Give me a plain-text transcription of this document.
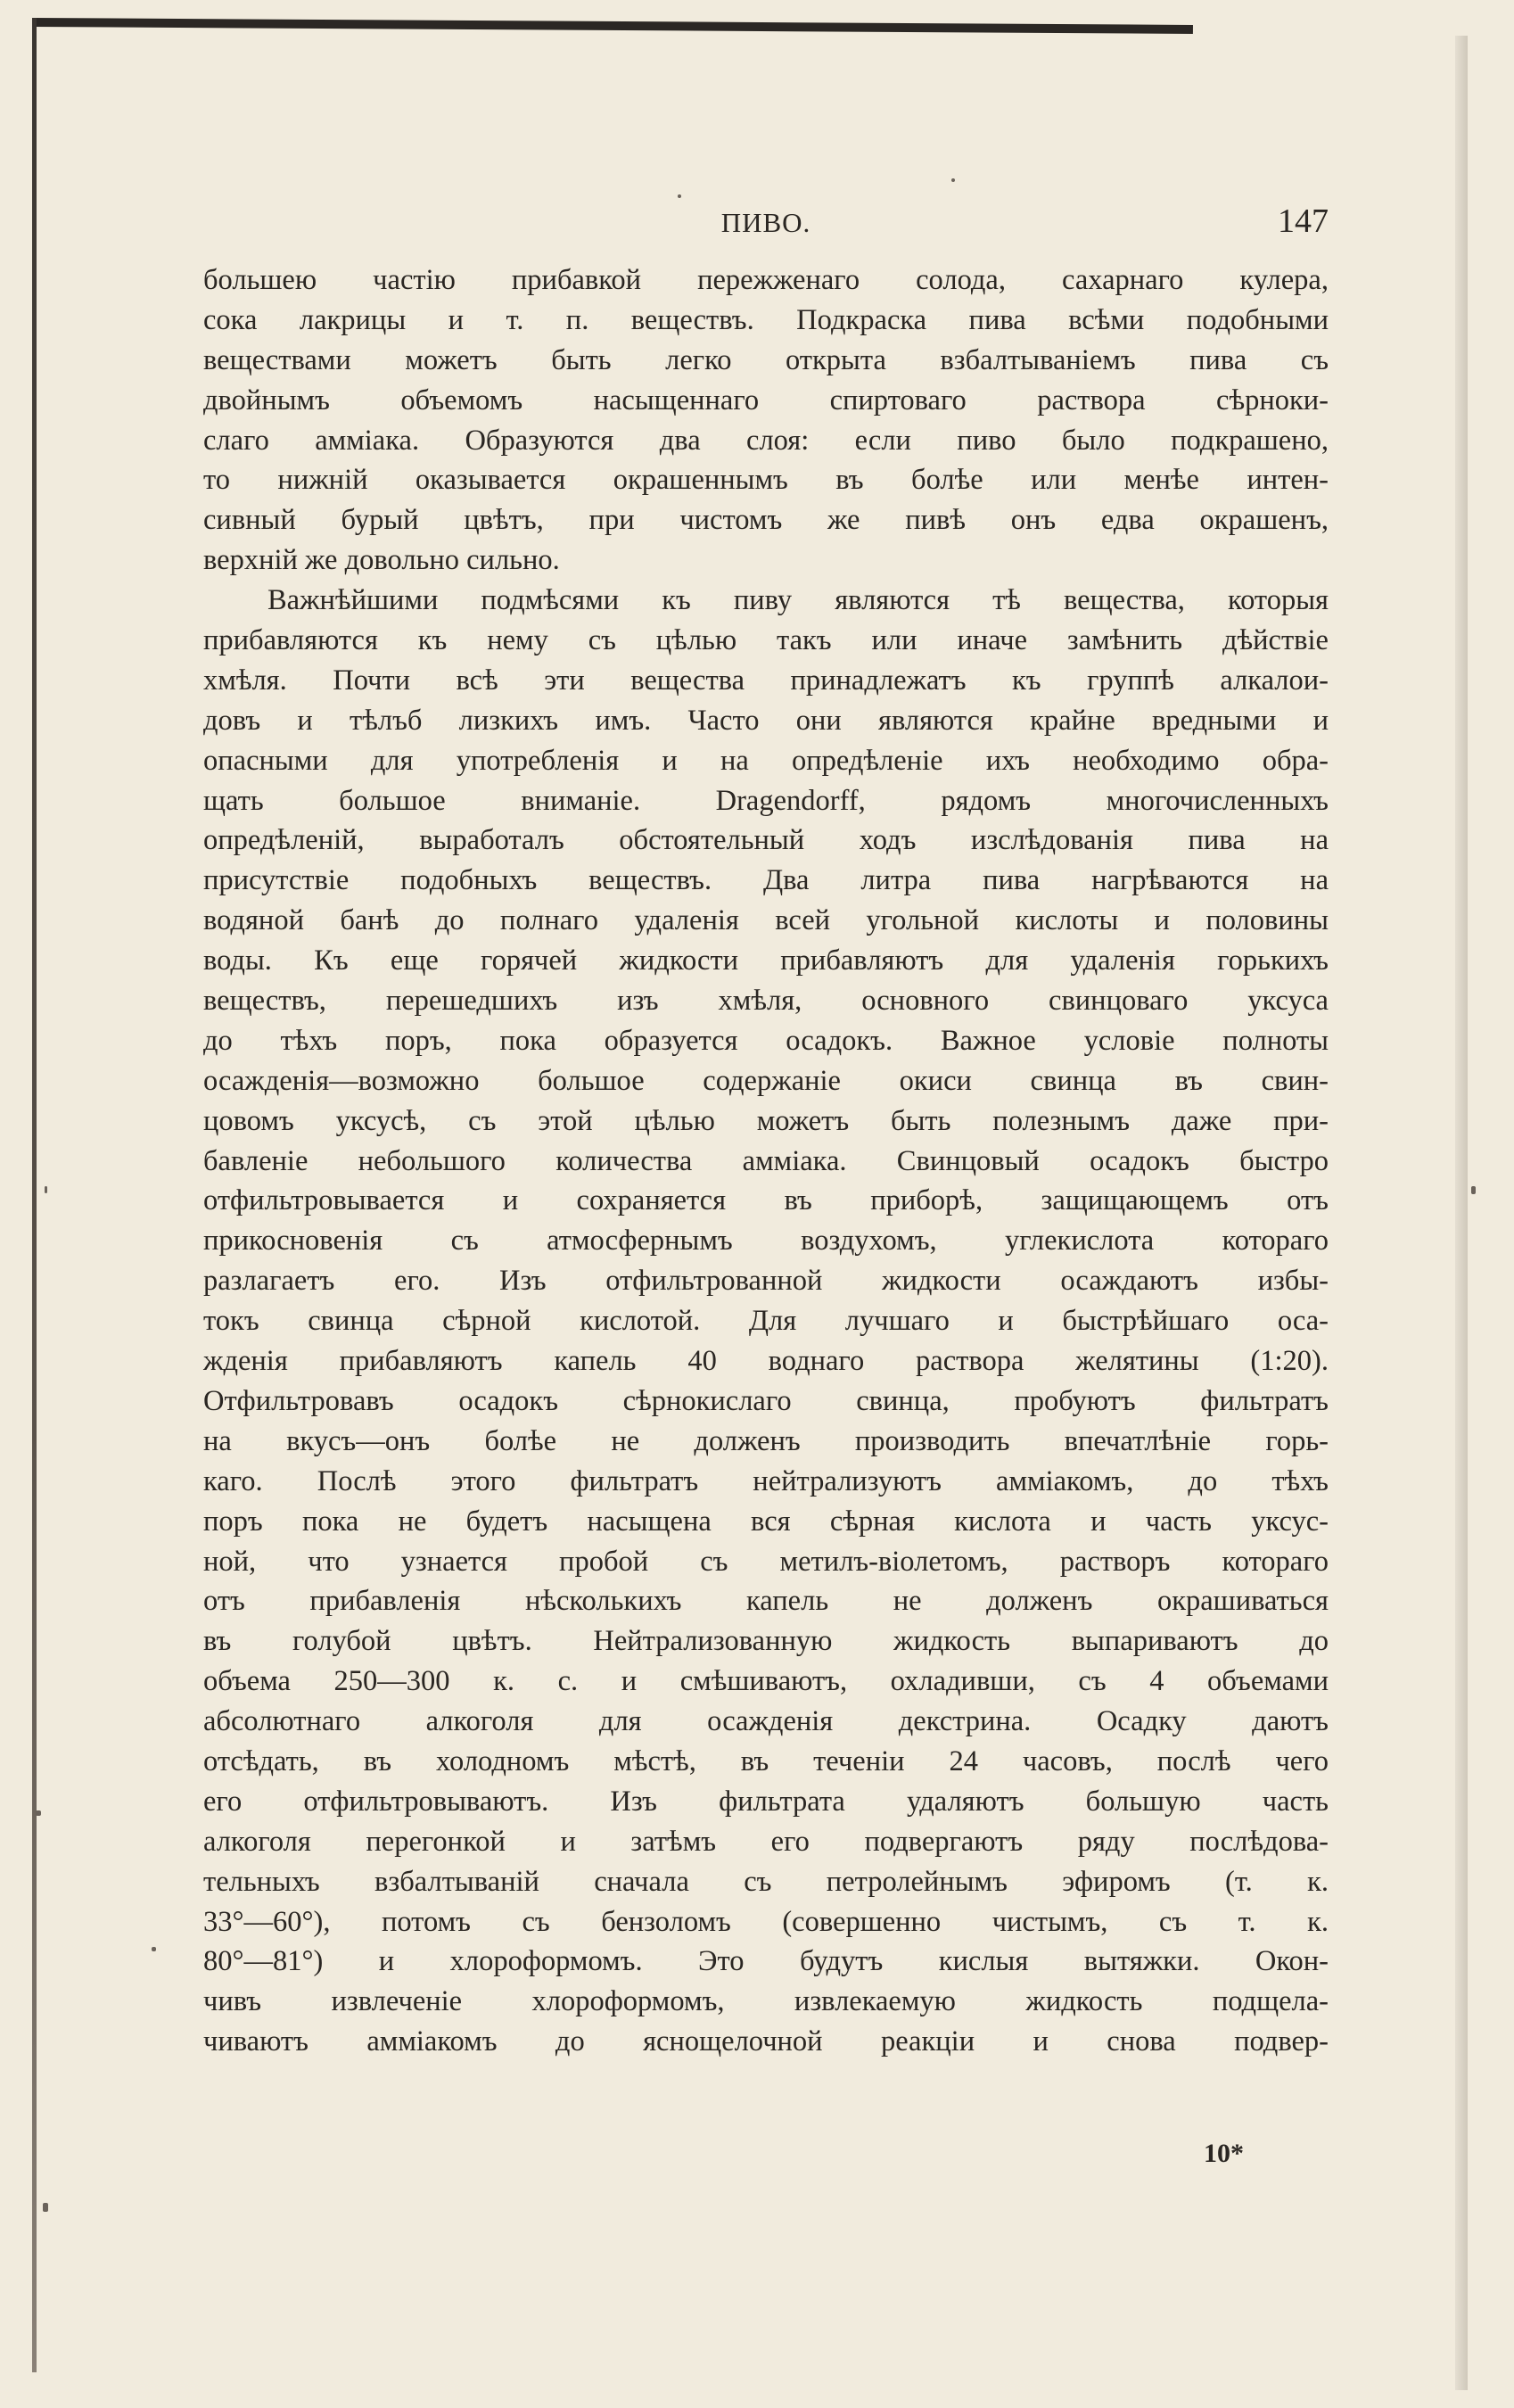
ПИВО.	147
большею частію прибавкой пережженаго солода, сахарнаго кулера,
сока лакрицы и т. п. веществъ. Подкраска пива всѣми подобными
веществами можетъ быть легко открыта взбалтываніемъ пива съ
двойнымъ объемомъ насыщеннаго спиртоваго раствора сѣрноки-
слаго амміака. Образуются два слоя: если пиво было подкрашено,
то нижній оказывается окрашеннымъ въ болѣе или менѣе интен-
сивный бурый цвѣтъ, при чистомъ же пивѣ онъ едва окрашенъ,
верхній же довольно сильно.
Важнѣйшими подмѣсями къ пиву являются тѣ вещества, которыя
прибавляются къ нему съ цѣлью такъ или иначе замѣнить дѣйствіе
хмѣля. Почти всѣ эти вещества принадлежатъ къ группѣ алкалои-
довъ и тѣлъб лизкихъ имъ. Часто они являются крайне вредными и
опасными для употребленія и на опредѣленіе ихъ необходимо обра-
щать большое вниманіе. Dragendorff, рядомъ многочисленныхъ
опредѣленій, выработалъ обстоятельный ходъ изслѣдованія пива на
присутствіе подобныхъ веществъ. Два литра пива нагрѣваются на
водяной банѣ до полнаго удаленія всей угольной кислоты и половины
воды. Къ еще горячей жидкости прибавляютъ для удаленія горькихъ
веществъ, перешедшихъ изъ хмѣля, основного свинцоваго уксуса
до тѣхъ поръ, пока образуется осадокъ. Важное условіе полноты
осажденія—возможно большое содержаніе окиси свинца въ свин-
цовомъ уксусѣ, съ этой цѣлью можетъ быть полезнымъ даже при-
бавленіе небольшого количества амміака. Свинцовый осадокъ быстро
отфильтровывается и сохраняется въ приборѣ, защищающемъ отъ
прикосновенія съ атмосфернымъ воздухомъ, углекислота котораго
разлагаетъ его. Изъ отфильтрованной жидкости осаждаютъ избы-
токъ свинца сѣрной кислотой. Для лучшаго и быстрѣйшаго оса-
жденія прибавляютъ капель 40 воднаго раствора желятины (1:20).
Отфильтровавъ осадокъ сѣрнокислаго свинца, пробуютъ фильтратъ
на вкусъ—онъ болѣе не долженъ производить впечатлѣніе горь-
каго. Послѣ этого фильтратъ нейтрализуютъ амміакомъ, до тѣхъ
поръ пока не будетъ насыщена вся сѣрная кислота и часть уксус-
ной, что узнается пробой съ метилъ-віолетомъ, растворъ котораго
отъ прибавленія нѣсколькихъ капель не долженъ окрашиваться
въ голубой цвѣтъ. Нейтрализованную жидкость выпариваютъ до
объема 250—300 к. с. и смѣшиваютъ, охладивши, съ 4 объемами
абсолютнаго алкоголя для осажденія декстрина. Осадку даютъ
отсѣдать, въ холодномъ мѣстѣ, въ теченіи 24 часовъ, послѣ чего
его отфильтровываютъ. Изъ фильтрата удаляютъ большую часть
алкоголя перегонкой и затѣмъ его подвергаютъ ряду послѣдова-
тельныхъ взбалтываній сначала съ петролейнымъ эфиромъ (т. к.
33°—60°), потомъ съ бензоломъ (совершенно чистымъ, съ т. к.
80°—81°) и хлороформомъ. Это будутъ кислыя вытяжки. Окон-
чивъ извлеченіе хлороформомъ, извлекаемую жидкость подщела-
чиваютъ амміакомъ до яснощелочной реакціи и снова подвер-
10*
